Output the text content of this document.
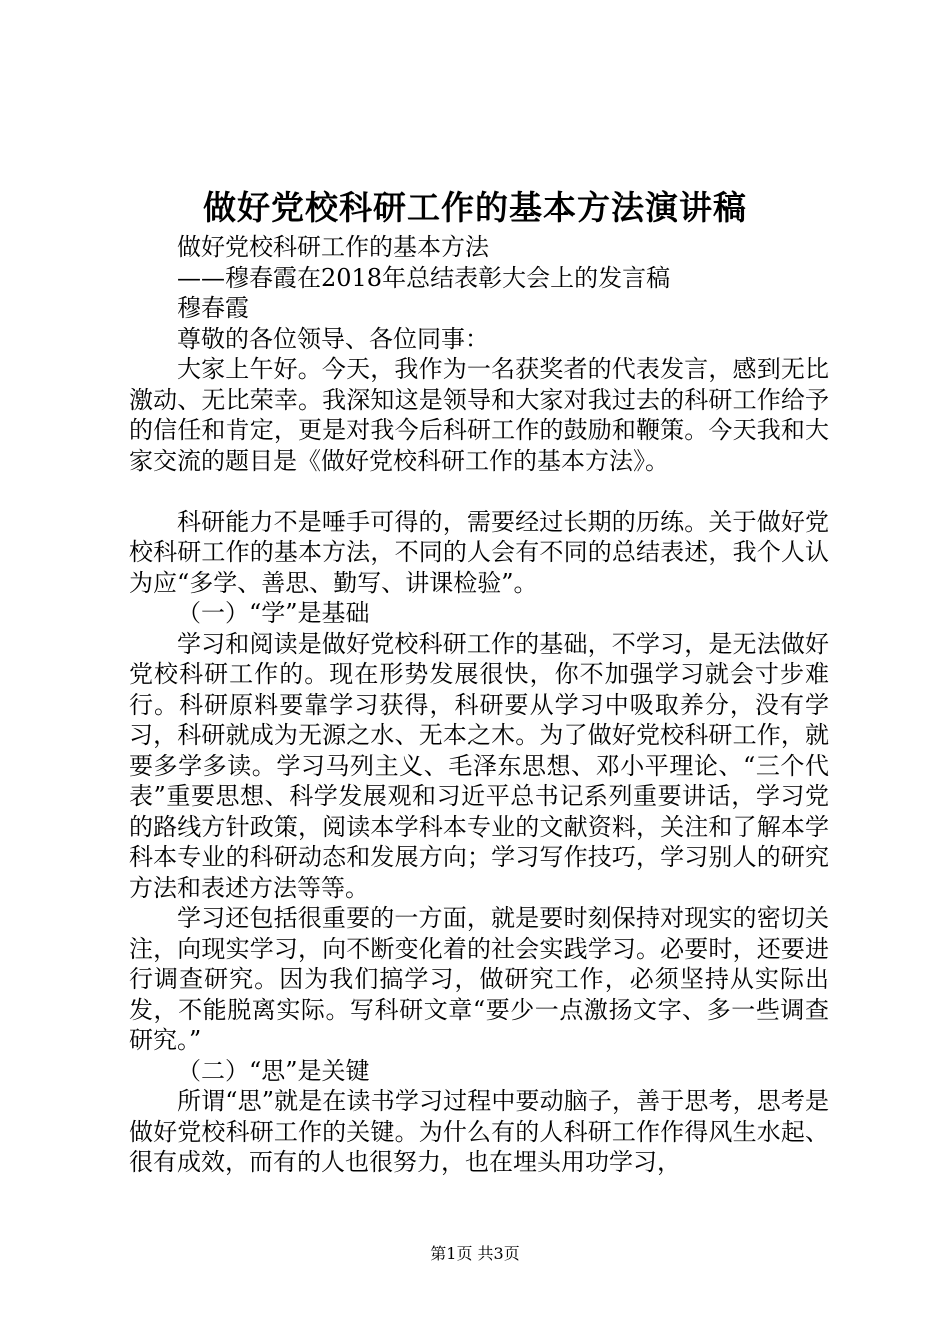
做好党校科研工作的基本方法演讲稿

做好党校科研工作的基本方法

——穆春霞在2018年总结表彰大会上的发言稿

穆春霞

尊敬的各位领导、各位同事：

大家上午好。今天，我作为一名获奖者的代表发言，感到无比激动、无比荣幸。我深知这是领导和大家对我过去的科研工作给予的信任和肯定，更是对我今后科研工作的鼓励和鞭策。今天我和大家交流的题目是《做好党校科研工作的基本方法》。

科研能力不是唾手可得的，需要经过长期的历练。关于做好党校科研工作的基本方法，不同的人会有不同的总结表述，我个人认为应“多学、善思、勤写、讲课检验”。

（一）“学”是基础

学习和阅读是做好党校科研工作的基础，不学习，是无法做好党校科研工作的。现在形势发展很快，你不加强学习就会寸步难行。科研原料要靠学习获得，科研要从学习中吸取养分，没有学习，科研就成为无源之水、无本之木。为了做好党校科研工作，就要多学多读。学习马列主义、毛泽东思想、邓小平理论、“三个代表”重要思想、科学发展观和习近平总书记系列重要讲话，学习党的路线方针政策，阅读本学科本专业的文献资料，关注和了解本学科本专业的科研动态和发展方向；学习写作技巧，学习别人的研究方法和表述方法等等。

学习还包括很重要的一方面，就是要时刻保持对现实的密切关注，向现实学习，向不断变化着的社会实践学习。必要时，还要进行调查研究。因为我们搞学习，做研究工作，必须坚持从实际出发，不能脱离实际。写科研文章“要少一点激扬文字、多一些调查研究。”

（二）“思”是关键

所谓“思”就是在读书学习过程中要动脑子，善于思考，思考是做好党校科研工作的关键。为什么有的人科研工作作得风生水起、很有成效，而有的人也很努力，也在埋头用功学习，

第1页 共3页
